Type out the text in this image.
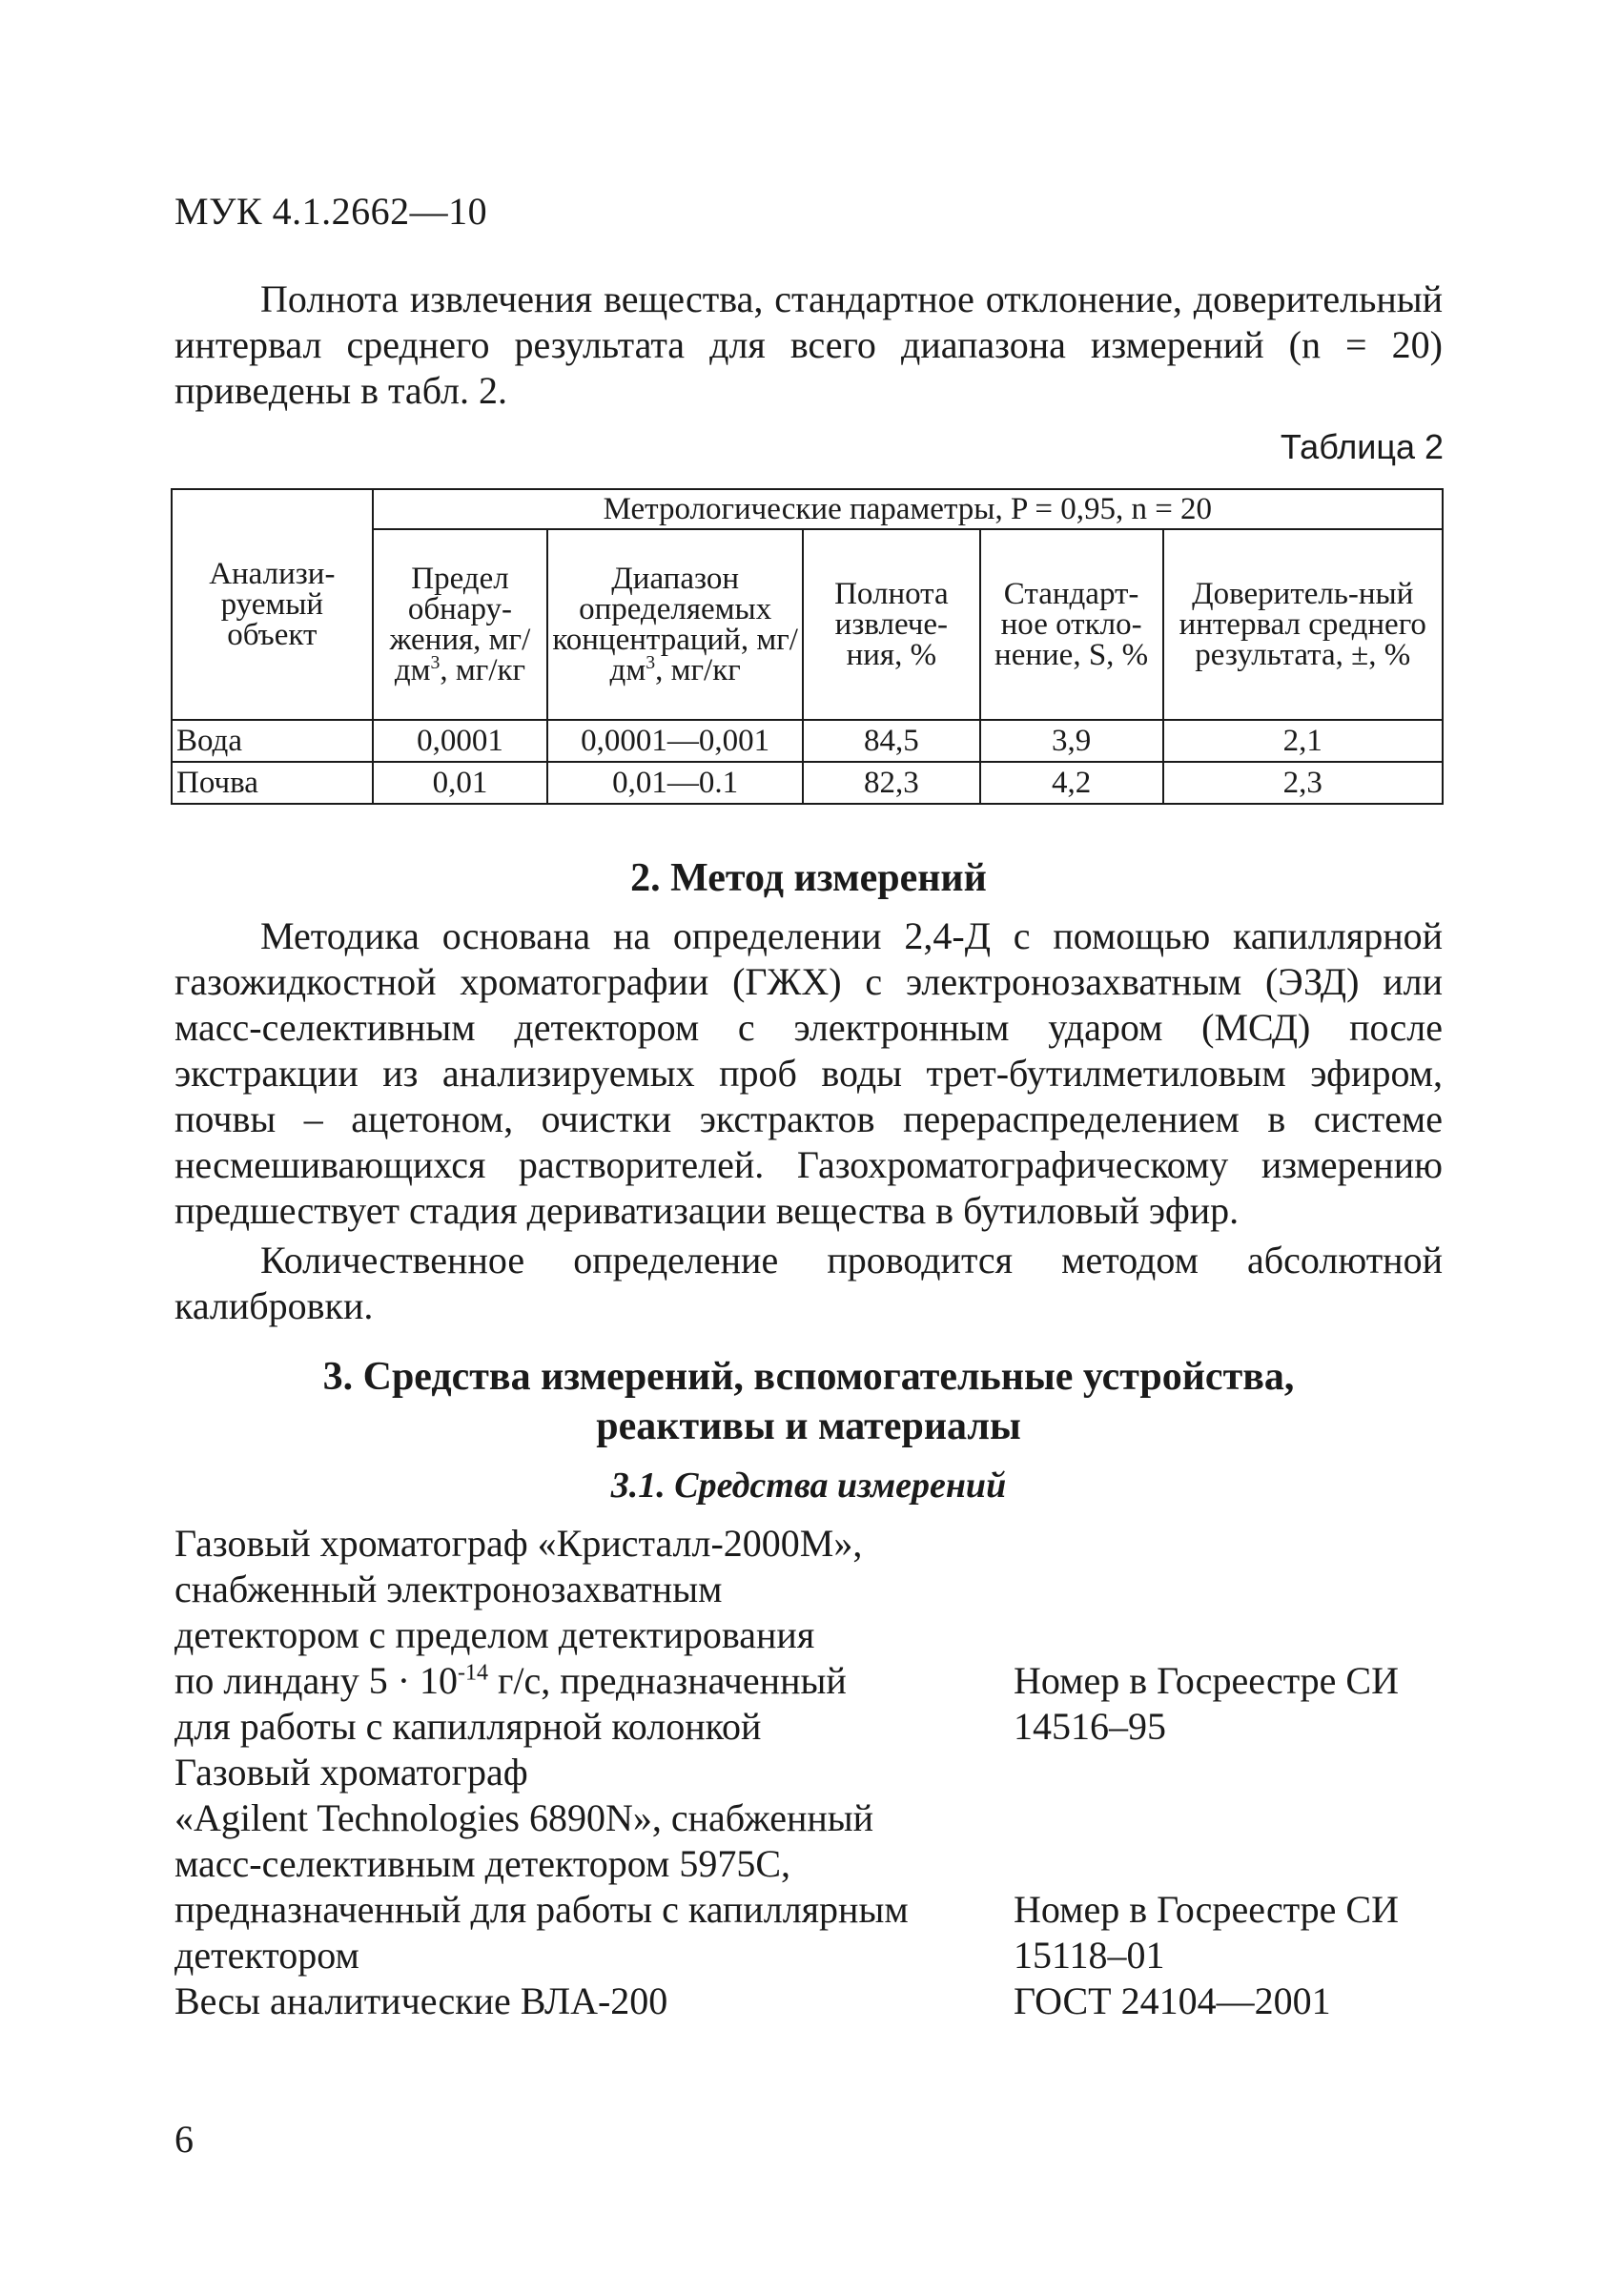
МУК 4.1.2662—10
Полнота извлечения вещества, стандартное отклонение, доверительный интервал среднего результата для всего диапазона измерений (n = 20) приведены в табл. 2.
Таблица 2
Анализи-руемый объект	Метрологические параметры, P = 0,95, n = 20				
	Предел обнару-жения, $мг/дм^3$, мг/кг	Диапазон определяемых концентраций, $мг/дм^3$, мг/кг	Полнота извлече-ния, %	Стандарт-ное откло-нение, S, %	Доверитель-ный интервал среднего результата, ±, %
Вода	0,0001	0,0001—0,001	84,5	3,9	2,1
Почва	0,01	0,01—0.1	82,3	4,2	2,3
2. Метод измерений
Методика основана на определении 2,4-Д с помощью капиллярной газожидкостной хроматографии (ГЖХ) с электронозахватным (ЭЗД) или масс-селективным детектором с электронным ударом (МСД) после экстракции из анализируемых проб воды трет-бутилметиловым эфиром, почвы – ацетоном, очистки экстрактов перераспределением в системе несмешивающихся растворителей. Газохроматографическому измерению предшествует стадия дериватизации вещества в бутиловый эфир.
Количественное определение проводится методом абсолютной калибровки.
3. Средства измерений, вспомогательные устройства,
реактивы и материалы
3.1. Средства измерений
Газовый хроматограф «Кристалл-2000М»,
снабженный электронозахватным
детектором с пределом детектирования
по линдану $5 \cdot 10^{-14}$ г/с, предназначенный	Номер в Госреестре СИ
для работы с капиллярной колонкой	14516–95
Газовый хроматограф
«Agilent Technologies 6890N», снабженный
масс-селективным детектором 5975С,
предназначенный для работы с капиллярным	Номер в Госреестре СИ
детектором	15118–01
Весы аналитические ВЛА-200	ГОСТ 24104—2001
6
